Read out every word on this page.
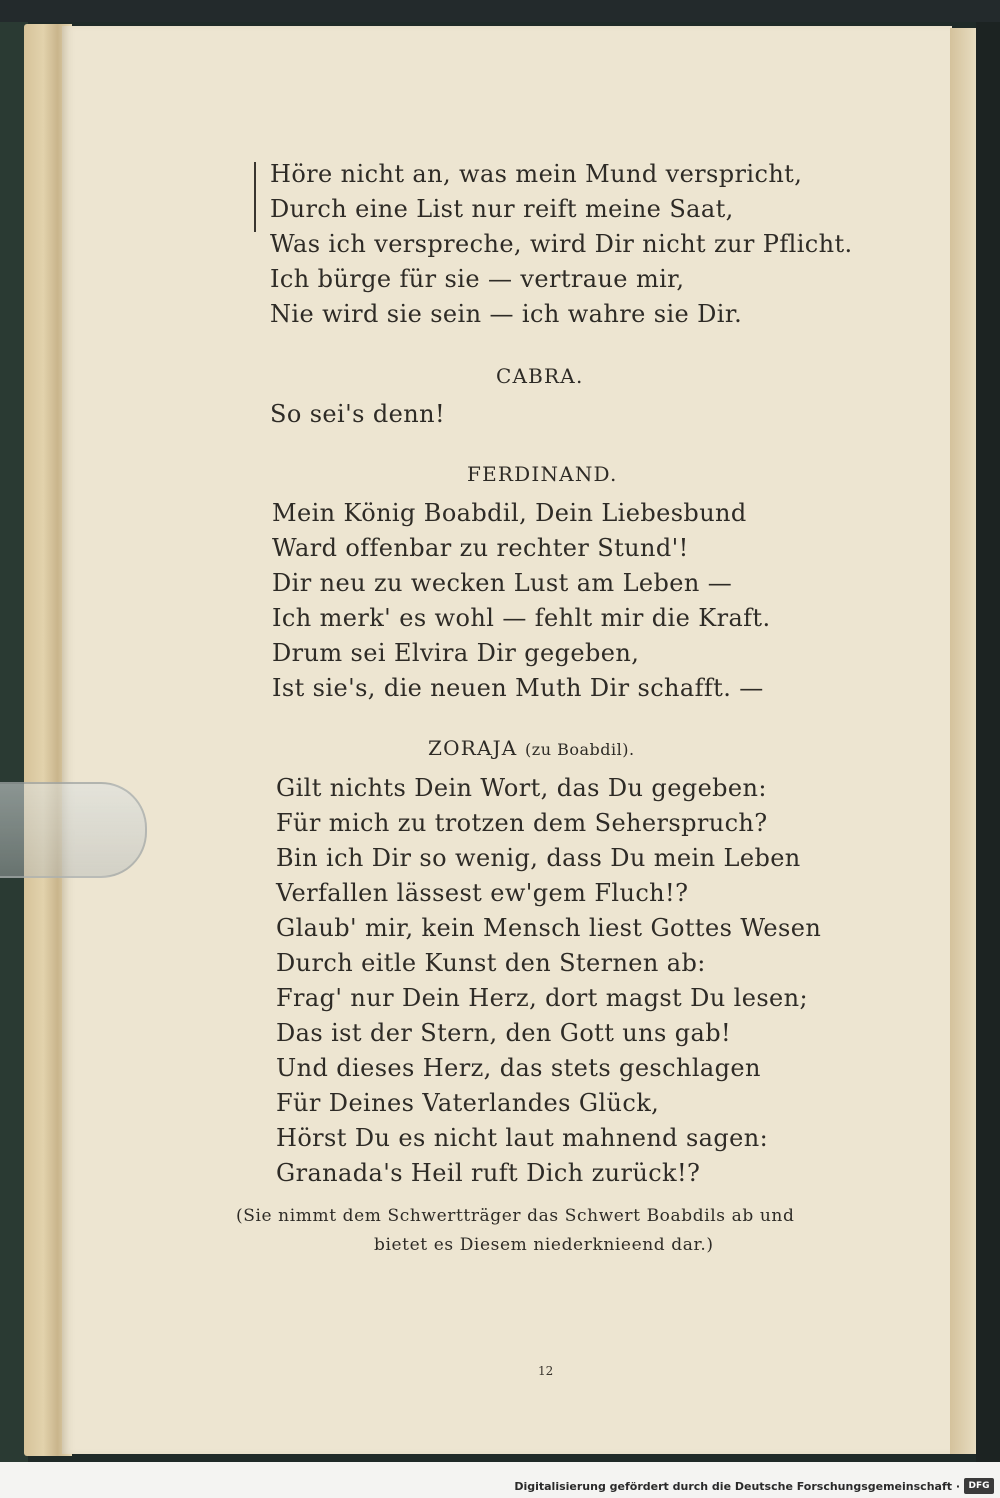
Höre nicht an, was mein Mund verspricht,
Durch eine List nur reift meine Saat,
Was ich verspreche, wird Dir nicht zur Pflicht.
Ich bürge für sie — vertraue mir,
Nie wird sie sein — ich wahre sie Dir.
CABRA.
So sei's denn!
FERDINAND.
Mein König Boabdil, Dein Liebesbund
Ward offenbar zu rechter Stund'!
Dir neu zu wecken Lust am Leben —
Ich merk' es wohl — fehlt mir die Kraft.
Drum sei Elvira Dir gegeben,
Ist sie's, die neuen Muth Dir schafft. —
ZORAJA (zu Boabdil).
Gilt nichts Dein Wort, das Du gegeben:
Für mich zu trotzen dem Seherspruch?
Bin ich Dir so wenig, dass Du mein Leben
Verfallen lässest ew'gem Fluch!?
Glaub' mir, kein Mensch liest Gottes Wesen
Durch eitle Kunst den Sternen ab:
Frag' nur Dein Herz, dort magst Du lesen;
Das ist der Stern, den Gott uns gab!
Und dieses Herz, das stets geschlagen
Für Deines Vaterlandes Glück,
Hörst Du es nicht laut mahnend sagen:
Granada's Heil ruft Dich zurück!?
(Sie nimmt dem Schwertträger das Schwert Boabdils ab und
bietet es Diesem niederknieend dar.)
12
Digitalisierung gefördert durch die Deutsche Forschungsgemeinschaft · DFG
